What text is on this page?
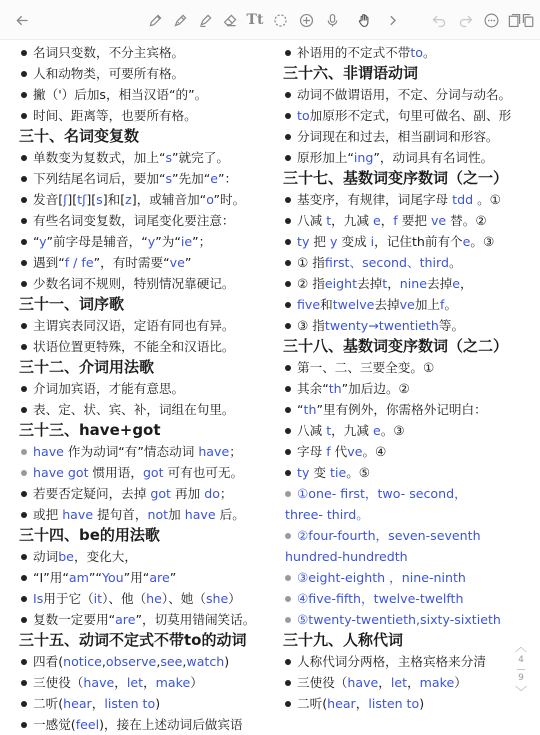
Tt
名词只变数，不分主宾格。
人和动物类，可要所有格。
撇（'）后加s，相当汉语“的”。
时间、距离等，也要所有格。
三十、名词变复数
单数变为复数式，加上“s”就完了。
下列结尾名词后，要加“s”先加“e”：
发音[ʃ][tʃ][s]和[z]，或辅音加“o”时。
有些名词变复数，词尾变化要注意：
“y”前字母是辅音，“y”为“ie”；
遇到“f / fe”，有时需要“ve”
少数名词不规则，特别情况靠硬记。
三十一、词序歌
主谓宾表同汉语，定语有同也有异。
状语位置更特殊，不能全和汉语比。
三十二、介词用法歌
介词加宾语，才能有意思。
表、定、状、宾、补，词组在句里。
三十三、have+got
have 作为动词“有”情态动词 have；
have got 惯用语，got 可有也可无。
若要否定疑问，去掉 got 再加 do；
或把 have 提句首，not加 have 后。
三十四、be的用法歌
动词be，变化大，
“I”用“am”“You”用“are”
Is用于它（it）、他（he）、她（she）
复数一定要用“are”，切莫用错闹笑话。
三十五、动词不定式不带to的动词
四看(notice,observe,see,watch)
三使役（have，let，make）
二听(hear，listen to)
一感觉(feel)，接在上述动词后做宾语
补语用的不定式不带to。
三十六、非谓语动词
动词不做谓语用，不定、分词与动名。
to加原形不定式，句里可做名、副、形
分词现在和过去，相当副词和形容。
原形加上“ing”，动词具有名词性。
三十七、基数词变序数词（之一）
基变序，有规律，词尾字母 tdd 。①
八减 t，九减 e，f 要把 ve 替。②
ty 把 y 变成 i，记住th前有个e。③
① 指first、second、third。
② 指eight去掉t，nine去掉e，
five和twelve去掉ve加上f。
③ 指twenty→twentieth等。
三十八、基数词变序数词（之二）
第一、二、三要全变。①
其余“th”加后边。②
“th”里有例外，你需格外记明白：
八减 t，九减 e。③
字母 f 代ve。④
ty 变 tie。⑤
①one- first，two- second，
three- third。
②four-fourth，seven-seventh
hundred-hundredth
③eight-eighth ，nine-ninth
④five-fifth，twelve-twelfth
⑤twenty-twentieth,sixty-sixtieth
三十九、人称代词
人称代词分两格，主格宾格来分清
三使役（have，let，make）
二听(hear，listen to)
︿
4
9
﹀
